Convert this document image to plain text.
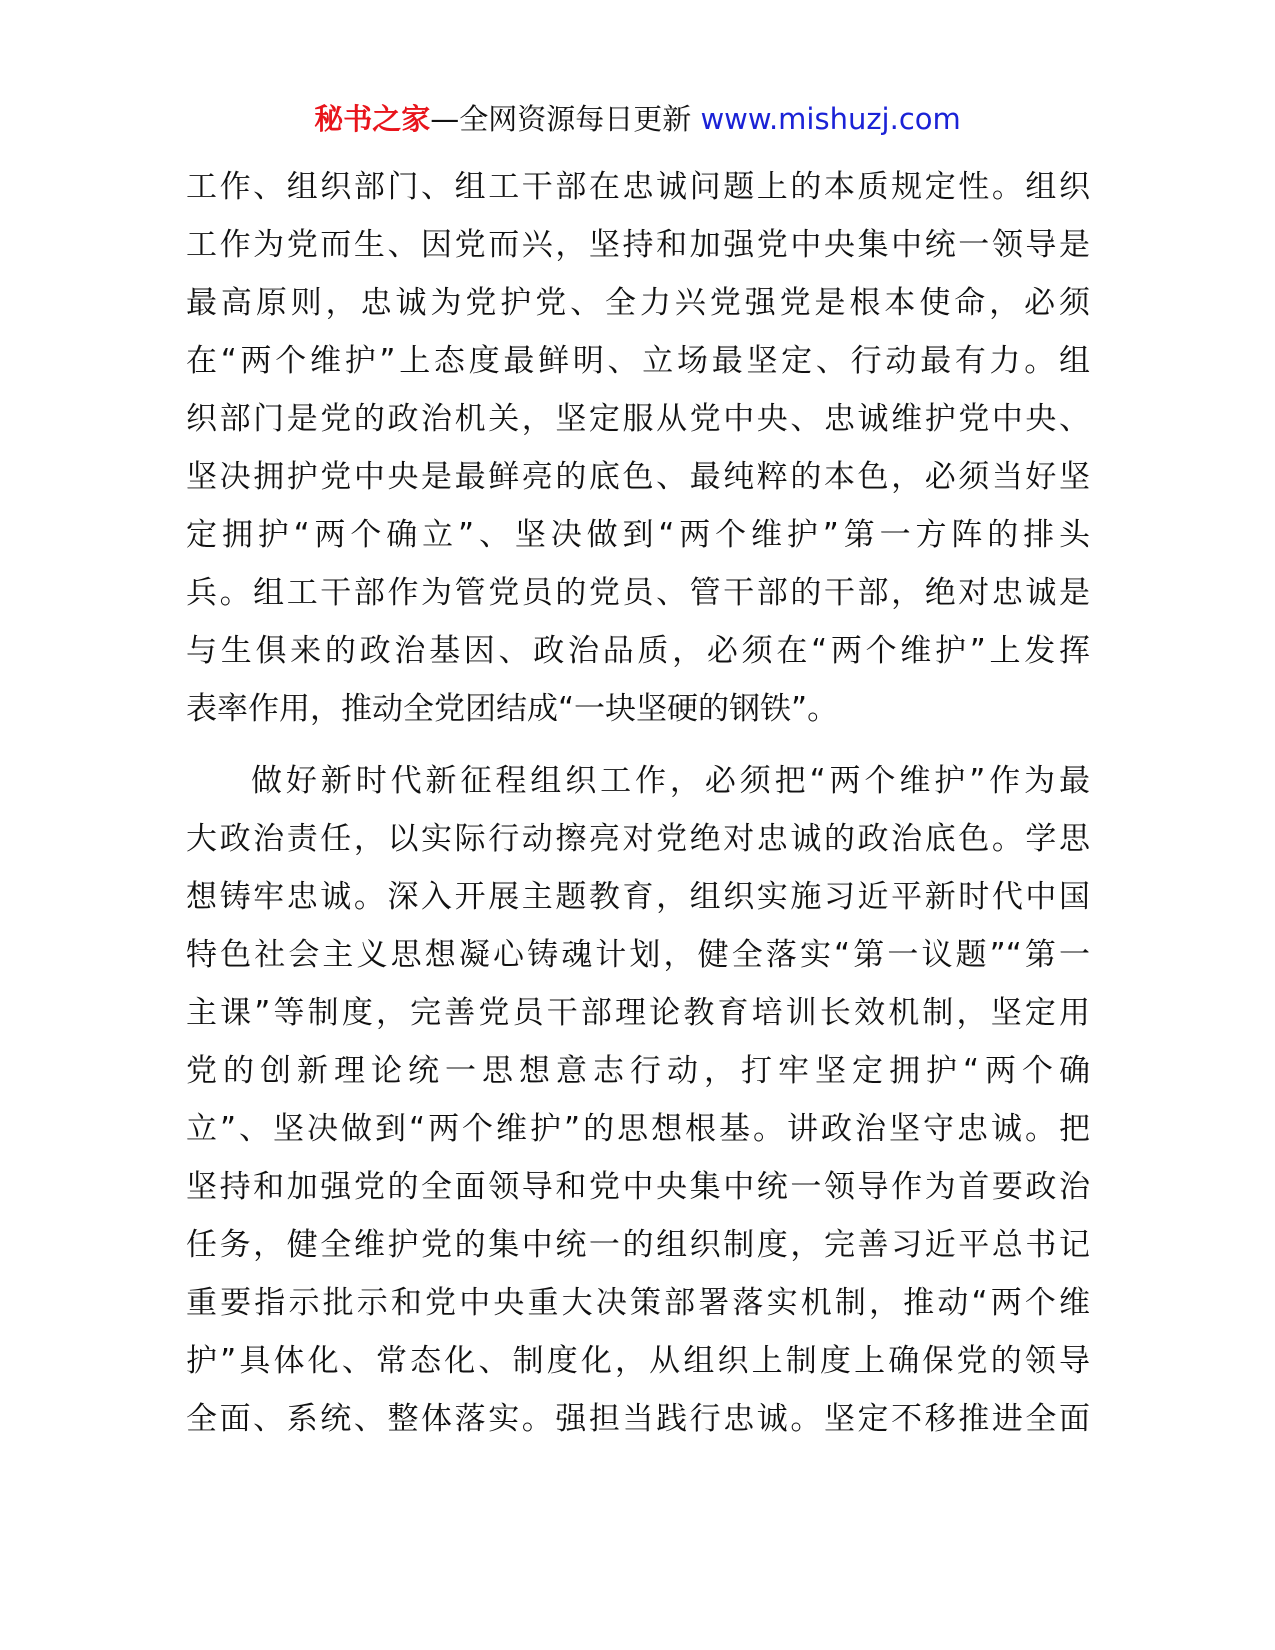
秘书之家—全网资源每日更新 www.mishuzj.com
工作、组织部门、组工干部在忠诚问题上的本质规定性。组织
工作为党而生、因党而兴，坚持和加强党中央集中统一领导是
最高原则，忠诚为党护党、全力兴党强党是根本使命，必须
在“两个维护”上态度最鲜明、立场最坚定、行动最有力。组
织部门是党的政治机关，坚定服从党中央、忠诚维护党中央、
坚决拥护党中央是最鲜亮的底色、最纯粹的本色，必须当好坚
定拥护“两个确立”、坚决做到“两个维护”第一方阵的排头
兵。组工干部作为管党员的党员、管干部的干部，绝对忠诚是
与生俱来的政治基因、政治品质，必须在“两个维护”上发挥
表率作用，推动全党团结成“一块坚硬的钢铁”。
做好新时代新征程组织工作，必须把“两个维护”作为最
大政治责任，以实际行动擦亮对党绝对忠诚的政治底色。学思
想铸牢忠诚。深入开展主题教育，组织实施习近平新时代中国
特色社会主义思想凝心铸魂计划，健全落实“第一议题”“第一
主课”等制度，完善党员干部理论教育培训长效机制，坚定用
党的创新理论统一思想意志行动，打牢坚定拥护“两个确
立”、坚决做到“两个维护”的思想根基。讲政治坚守忠诚。把
坚持和加强党的全面领导和党中央集中统一领导作为首要政治
任务，健全维护党的集中统一的组织制度，完善习近平总书记
重要指示批示和党中央重大决策部署落实机制，推动“两个维
护”具体化、常态化、制度化，从组织上制度上确保党的领导
全面、系统、整体落实。强担当践行忠诚。坚定不移推进全面
